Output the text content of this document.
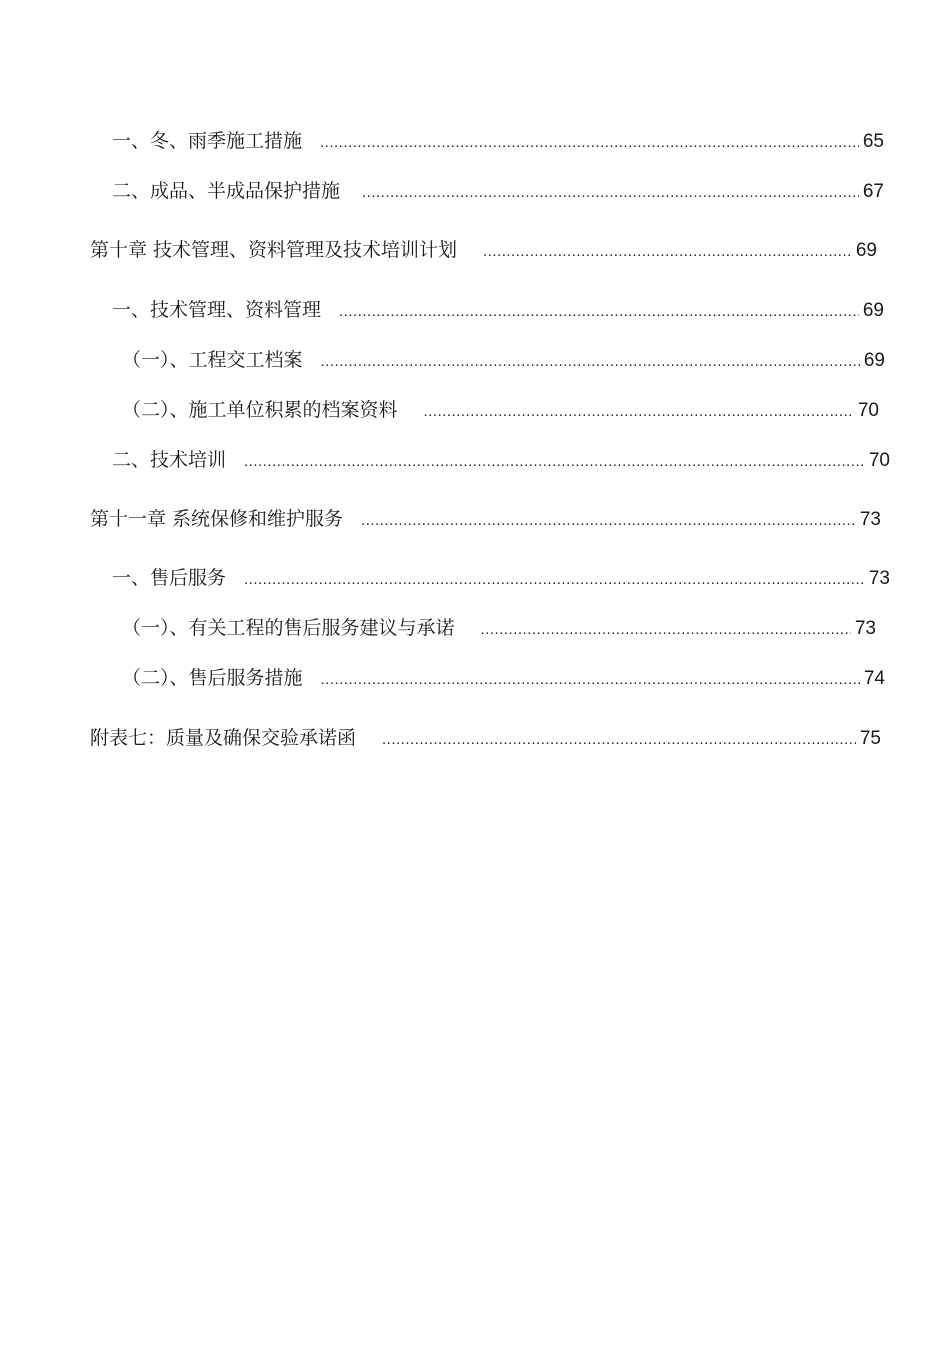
一、冬、雨季施工措施 .....	65
二、成品、半成品保护措施 .....	67
第十章 技术管理、资料管理及技术培训计划 .....	69
一、技术管理、资料管理 .....	69
（一）、工程交工档案 .....	69
（二）、施工单位积累的档案资料 .....	70
二、技术培训 .....	70
第十一章 系统保修和维护服务 .....	73
一、售后服务 .....	73
（一）、有关工程的售后服务建议与承诺 .....	73
（二）、售后服务措施 .....	74
附表七：质量及确保交验承诺函 .....	75
